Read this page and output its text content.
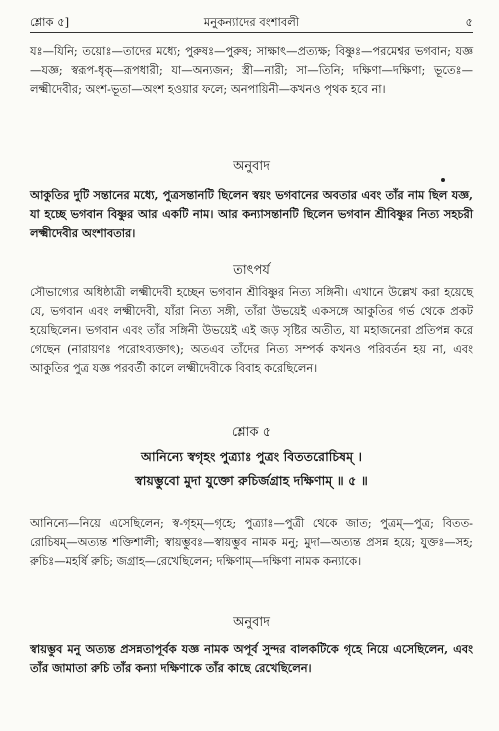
শ্লোক ৫]	মনুকন্যাদের বংশাবলী	৫

যঃ—যিনি; তয়োঃ—তাদের মধ্যে; পুরুষঃ—পুরুষ; সাক্ষাৎ—প্রত্যক্ষ; বিষ্ণুঃ—পরমেশ্বর ভগবান; যজ্ঞ—যজ্ঞ; স্বরূপ-ধৃক্—রূপধারী; যা—অন্যজন; স্ত্রী—নারী; সা—তিনি; দক্ষিণা—দক্ষিণা; ভূতেঃ—লক্ষ্মীদেবীর; অংশ-ভূতা—অংশ হওয়ার ফলে; অনপায়িনী—কখনও পৃথক হবে না।

অনুবাদ

আকুতির দুটি সন্তানের মধ্যে, পুত্রসন্তানটি ছিলেন স্বয়ং ভগবানের অবতার এবং তাঁর নাম ছিল যজ্ঞ, যা হচ্ছে ভগবান বিষ্ণুর আর একটি নাম। আর কন্যাসন্তানটি ছিলেন ভগবান শ্রীবিষ্ণুর নিত্য সহচরী লক্ষ্মীদেবীর অংশাবতার।

তাৎপর্য

সৌভাগ্যের অধিষ্ঠাত্রী লক্ষ্মীদেবী হচ্ছেন ভগবান শ্রীবিষ্ণুর নিত্য সঙ্গিনী। এখানে উল্লেখ করা হয়েছে যে, ভগবান এবং লক্ষ্মীদেবী, যাঁরা নিত্য সঙ্গী, তাঁরা উভয়েই একসঙ্গে আকুতির গর্ভ থেকে প্রকট হয়েছিলেন। ভগবান এবং তাঁর সঙ্গিনী উভয়েই এই জড় সৃষ্টির অতীত, যা মহাজনেরা প্রতিপন্ন করে গেছেন (নারায়ণঃ পরোঽব্যক্তাৎ); অতএব তাঁদের নিত্য সম্পর্ক কখনও পরিবর্তন হয় না, এবং আকুতির পুত্র যজ্ঞ পরবর্তী কালে লক্ষ্মীদেবীকে বিবাহ করেছিলেন।

শ্লোক ৫
আনিন্যে স্বগৃহং পুত্র্যাঃ পুত্রং বিততরোচিষম্ ।
স্বায়ম্ভুবো মুদা যুক্তো রুচির্জগ্রাহ দক্ষিণাম্ ॥ ৫ ॥

আনিন্যে—নিয়ে এসেছিলেন; স্ব-গৃহম্—গৃহে; পুত্র্যাঃ—পুত্রী থেকে জাত; পুত্রম্—পুত্র; বিতত-রোচিষম্—অত্যন্ত শক্তিশালী; স্বায়ম্ভুবঃ—স্বায়ম্ভুব নামক মনু; মুদা—অত্যন্ত প্রসন্ন হয়ে; যুক্তঃ—সহ; রুচিঃ—মহর্ষি রুচি; জগ্রাহ—রেখেছিলেন; দক্ষিণাম্—দক্ষিণা নামক কন্যাকে।

অনুবাদ

স্বায়ম্ভুব মনু অত্যন্ত প্রসন্নতাপূর্বক যজ্ঞ নামক অপূর্ব সুন্দর বালকটিকে গৃহে নিয়ে এসেছিলেন, এবং তাঁর জামাতা রুচি তাঁর কন্যা দক্ষিণাকে তাঁর কাছে রেখেছিলেন।
